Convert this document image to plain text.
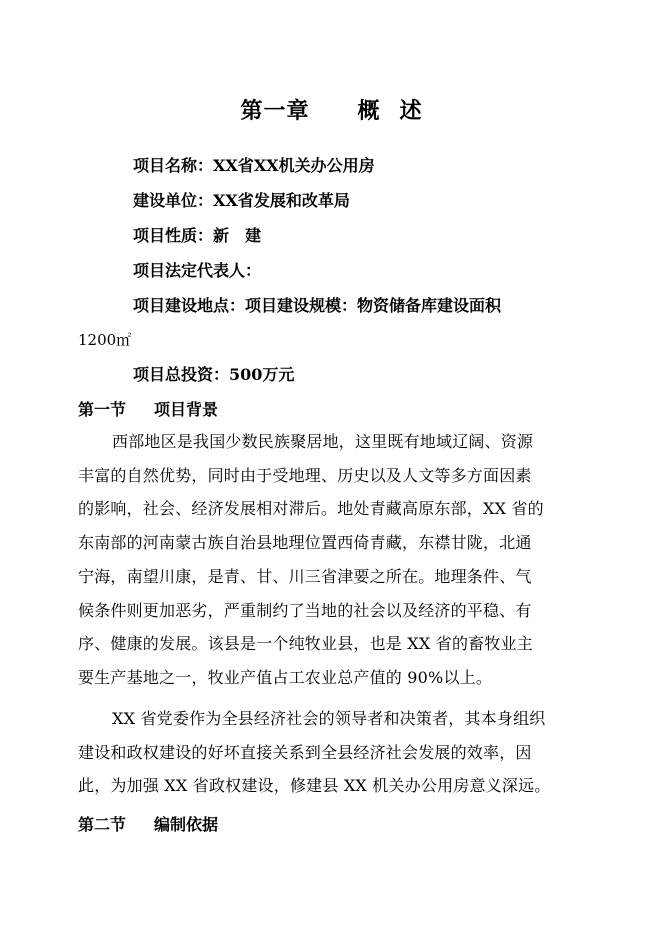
第一章 概述
项目名称：XX省XX机关办公用房
建设单位：XX省发展和改革局
项目性质：新　建
项目法定代表人：
项目建设地点：项目建设规模：物资储备库建设面积
1200㎡
项目总投资：500万元
第一节 项目背景
西部地区是我国少数民族聚居地，这里既有地域辽阔、资源
丰富的自然优势，同时由于受地理、历史以及人文等多方面因素
的影响，社会、经济发展相对滞后。地处青藏高原东部，XX 省的
东南部的河南蒙古族自治县地理位置西倚青藏，东襟甘陇，北通
宁海，南望川康，是青、甘、川三省津要之所在。地理条件、气
候条件则更加恶劣，严重制约了当地的社会以及经济的平稳、有
序、健康的发展。该县是一个纯牧业县，也是 XX 省的畜牧业主
要生产基地之一，牧业产值占工农业总产值的 90%以上。
XX 省党委作为全县经济社会的领导者和决策者，其本身组织
建设和政权建设的好坏直接关系到全县经济社会发展的效率，因
此，为加强 XX 省政权建设，修建县 XX 机关办公用房意义深远。
第二节 编制依据
